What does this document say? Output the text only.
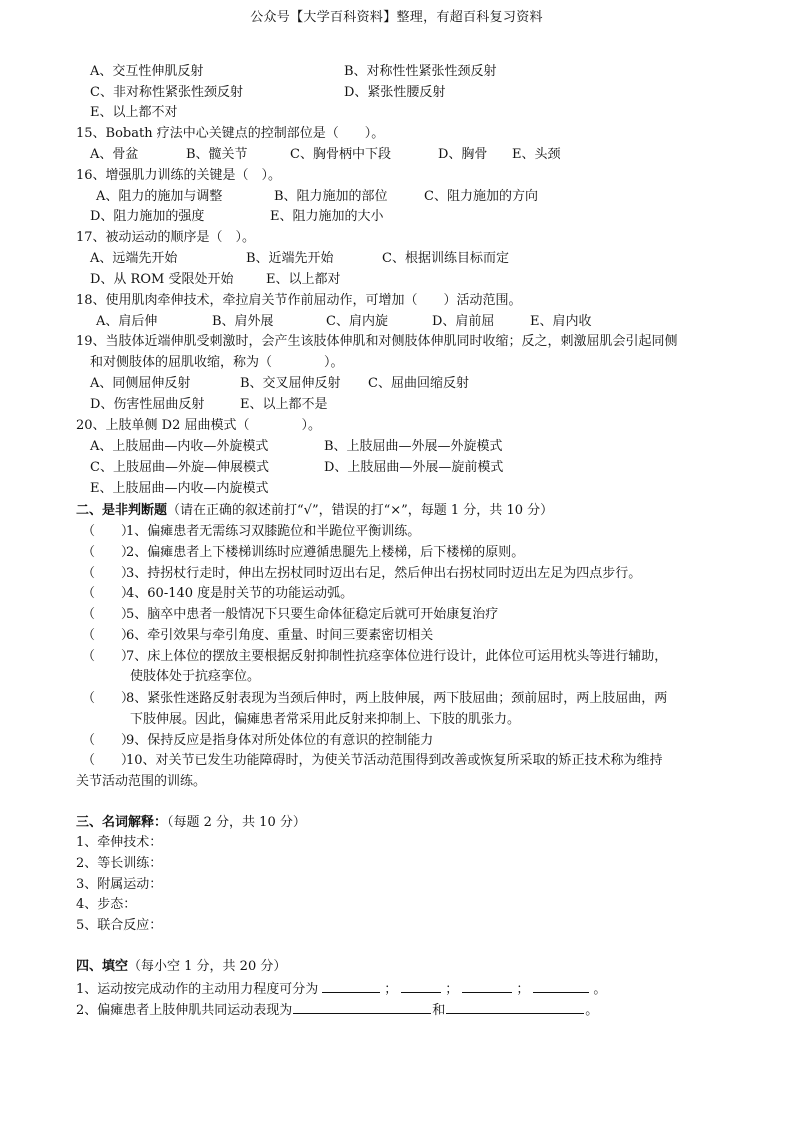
公众号【大学百科资料】整理，有超百科复习资料
A、交互性伸肌反射	B、对称性性紧张性颈反射
C、非对称性紧张性颈反射	D、紧张性腰反射
E、以上都不对
15、Bobath 疗法中心关键点的控制部位是（　　）。
A、骨盆	B、髋关节	C、胸骨柄中下段	D、胸骨 E、头颈
16、增强肌力训练的关键是（　）。
A、阻力的施加与调整	B、阻力施加的部位	C、阻力施加的方向
D、阻力施加的强度	E、阻力施加的大小
17、被动运动的顺序是（　）。
A、远端先开始	B、近端先开始	C、根据训练目标而定
D、从 ROM 受限处开始	E、以上都对
18、使用肌肉牵伸技术，牵拉肩关节作前屈动作，可增加（　　）活动范围。
A、肩后伸	B、肩外展	C、肩内旋	D、肩前屈	E、肩内收
19、当肢体近端伸肌受刺激时，会产生该肢体伸肌和对侧肢体伸肌同时收缩；反之，刺激屈肌会引起同侧
和对侧肢体的屈肌收缩，称为（　　　　）。
A、同侧屈伸反射	B、交叉屈伸反射 C、屈曲回缩反射
D、伤害性屈曲反射	E、以上都不是
20、上肢单侧 D2 屈曲模式（　　　　）。
A、上肢屈曲—内收—外旋模式	B、上肢屈曲—外展—外旋模式
C、上肢屈曲—外旋—伸展模式	D、上肢屈曲—外展—旋前模式
E、上肢屈曲—内收—内旋模式
二、是非判断题（请在正确的叙述前打“√”，错误的打“×”，每题 1 分，共 10 分）
（　　）1、偏瘫患者无需练习双膝跪位和半跪位平衡训练。
（　　）2、偏瘫患者上下楼梯训练时应遵循患腿先上楼梯，后下楼梯的原则。
（　　）3、持拐杖行走时，伸出左拐杖同时迈出右足，然后伸出右拐杖同时迈出左足为四点步行。
（　　）4、60-140 度是肘关节的功能运动弧。
（　　）5、脑卒中患者一般情况下只要生命体征稳定后就可开始康复治疗
（　　）6、牵引效果与牵引角度、重量、时间三要素密切相关
（　　）7、床上体位的摆放主要根据反射抑制性抗痉挛体位进行设计，此体位可运用枕头等进行辅助，
使肢体处于抗痉挛位。
（　　）8、紧张性迷路反射表现为当颈后伸时，两上肢伸展，两下肢屈曲；颈前屈时，两上肢屈曲，两
下肢伸展。因此，偏瘫患者常采用此反射来抑制上、下肢的肌张力。
（　　）9、保持反应是指身体对所处体位的有意识的控制能力
（　　）10、对关节已发生功能障碍时，为使关节活动范围得到改善或恢复所采取的矫正技术称为维持
关节活动范围的训练。
三、名词解释：（每题 2 分，共 10 分）
1、牵伸技术：
2、等长训练：
3、附属运动：
4、步态：
5、联合反应：
四、填空（每小空 1 分，共 20 分）
1、运动按完成动作的主动用力程度可分为	；	；	；	。
2、偏瘫患者上肢伸肌共同运动表现为	和	。
